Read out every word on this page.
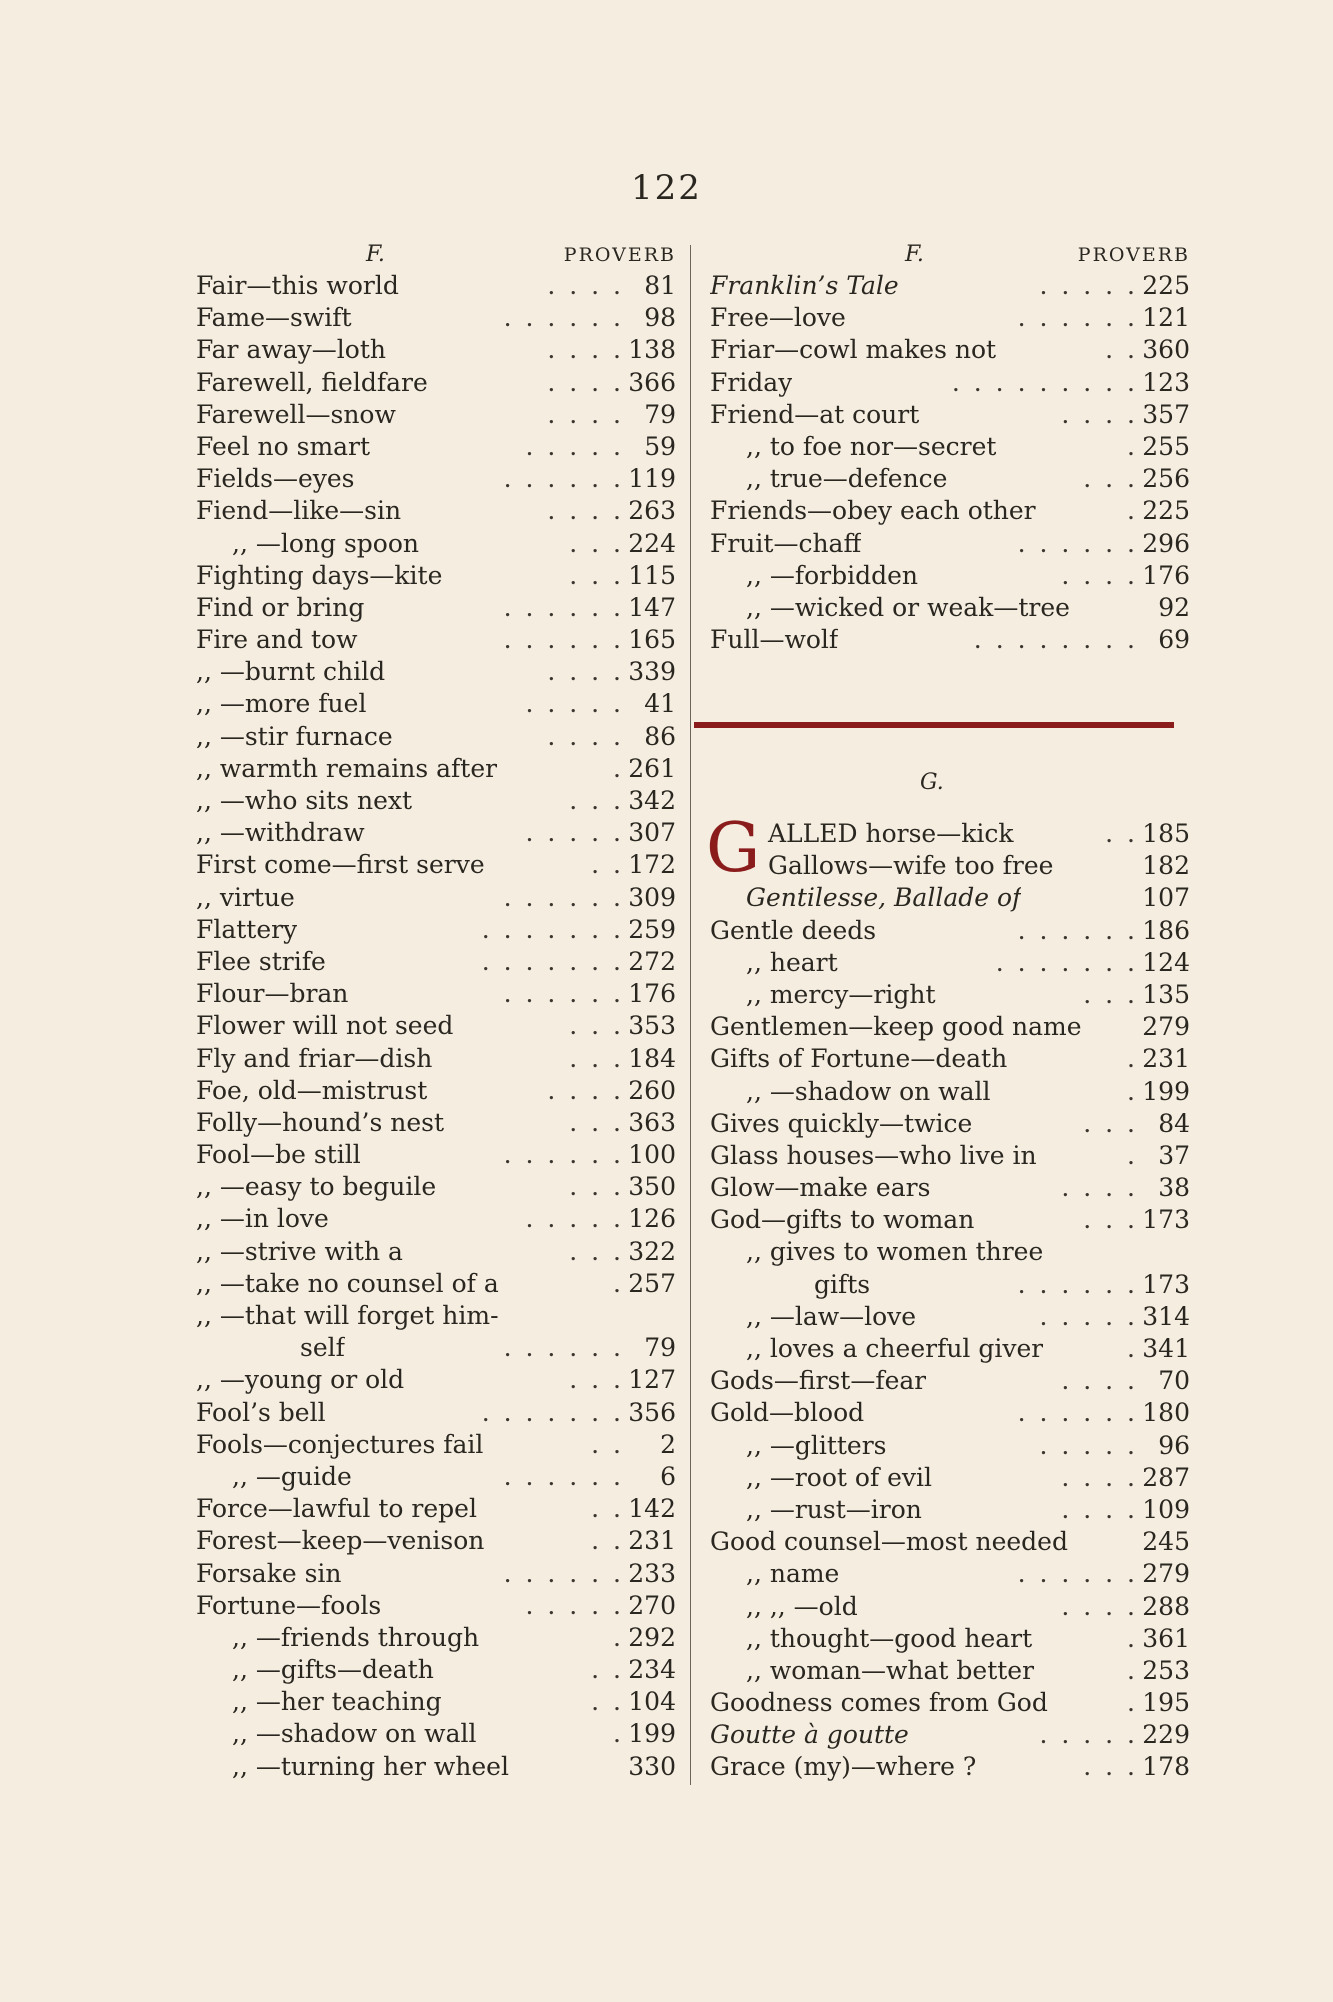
122
F.	PROVERB
Fair—this world	. . . . 81
Fame—swift	. . . . . . 98
Far away—loth	. . . . 138
Farewell, fieldfare	. . . . 366
Farewell—snow	. . . . 79
Feel no smart	. . . . . 59
Fields—eyes	. . . . . . 119
Fiend—like—sin	. . . . 263
,, —long spoon	. . . 224
Fighting days—kite	. . . 115
Find or bring	. . . . . . 147
Fire and tow	. . . . . . 165
,, —burnt child	. . . . 339
,, —more fuel	. . . . . 41
,, —stir furnace	. . . . 86
,, warmth remains after	. 261
,, —who sits next	. . . 342
,, —withdraw	. . . . . 307
First come—first serve	. . 172
,, virtue	. . . . . . 309
Flattery	. . . . . . . 259
Flee strife	. . . . . . . 272
Flour—bran	. . . . . . 176
Flower will not seed	. . . 353
Fly and friar—dish	. . . 184
Foe, old—mistrust	. . . . 260
Folly—hound’s nest	. . . 363
Fool—be still	. . . . . . 100
,, —easy to beguile	. . . 350
,, —in love	. . . . . 126
,, —strive with a	. . . 322
,, —take no counsel of a	. 257
,, —that will forget him-
self	. . . . . . 79
,, —young or old	. . . 127
Fool’s bell	. . . . . . . 356
Fools—conjectures fail	. .	2
,, —guide	. . . . . .	6
Force—lawful to repel	. . 142
Forest—keep—venison	. . 231
Forsake sin	. . . . . . 233
Fortune—fools	. . . . . 270
,, —friends through	. 292
,, —gifts—death	. . 234
,, —her teaching	. . 104
,, —shadow on wall	. 199
,, —turning her wheel	330
F.	PROVERB
Franklin’s Tale	. . . . . 225
Free—love	. . . . . . 121
Friar—cowl makes not	. . 360
Friday	. . . . . . . . . 123
Friend—at court	. . . . 357
,, to foe nor—secret	. 255
,, true—defence	. . . 256
Friends—obey each other	. 225
Fruit—chaff	. . . . . . 296
,, —forbidden	. . . . 176
,, —wicked or weak—tree	92
Full—wolf	. . . . . . . . 69
G.
G ALLED horse—kick	. . 185
Gallows—wife too free	182
Gentilesse, Ballade of	107
Gentle deeds	. . . . . . 186
,, heart	. . . . . . . 124
,, mercy—right	. . . 135
Gentlemen—keep good name 279
Gifts of Fortune—death	. 231
,, —shadow on wall	. 199
Gives quickly—twice	. . . 84
Glass houses—who live in	. 37
Glow—make ears	. . . . 38
God—gifts to woman	. . . 173
,, gives to women three
gifts	. . . . . . 173
,, —law—love	. . . . . 314
,, loves a cheerful giver	. 341
Gods—first—fear	. . . . 70
Gold—blood	. . . . . . 180
,, —glitters	. . . . . 96
,, —root of evil	. . . . 287
,, —rust—iron	. . . . 109
Good counsel—most needed	245
,, name	. . . . . . 279
,, ,, —old	. . . . 288
,, thought—good heart	. 361
,, woman—what better	. 253
Goodness comes from God	. 195
Goutte à goutte	. . . . . 229
Grace (my)—where ?	. . . 178
